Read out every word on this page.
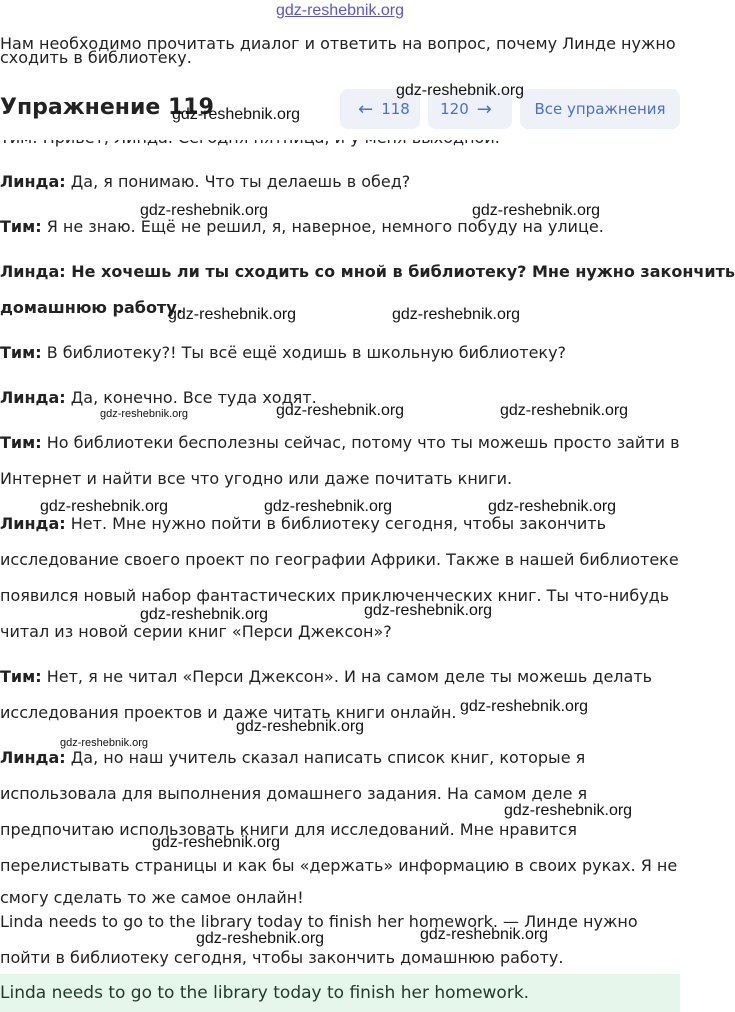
gdz-reshebnik.org
Нам необходимо прочитать диалог и ответить на вопрос, почему Линде нужно
сходить в библиотеку.
Упражнение 119	← 118 120 →	Все упражнения
Линда: Да, я понимаю. Что ты делаешь в обед?
Тим: Я не знаю. Ещё не решил, я, наверное, немного побуду на улице.
Линда: Не хочешь ли ты сходить со мной в библиотеку? Мне нужно закончить
домашнюю работу.
Тим: В библиотеку?! Ты всё ещё ходишь в школьную библиотеку?
Линда: Да, конечно. Все туда ходят.
Тим: Но библиотеки бесполезны сейчас, потому что ты можешь просто зайти в
Интернет и найти все что угодно или даже почитать книги.
Линда: Нет. Мне нужно пойти в библиотеку сегодня, чтобы закончить
исследование своего проект по географии Африки. Также в нашей библиотеке
появился новый набор фантастических приключенческих книг. Ты что-нибудь
читал из новой серии книг «Перси Джексон»?
Тим: Нет, я не читал «Перси Джексон». И на самом деле ты можешь делать
исследования проектов и даже читать книги онлайн.
Линда: Да, но наш учитель сказал написать список книг, которые я
использовала для выполнения домашнего задания. На самом деле я
предпочитаю использовать книги для исследований. Мне нравится
перелистывать страницы и как бы «держать» информацию в своих руках. Я не
смогу сделать то же самое онлайн!
Linda needs to go to the library today to finish her homework. — Линде нужно
пойти в библиотеку сегодня, чтобы закончить домашнюю работу.
Linda needs to go to the library today to finish her homework.
gdz-reshebnik.org
gdz-reshebnik.org
gdz-reshebnik.org	gdz-reshebnik.org
gdz-reshebnik.org	gdz-reshebnik.org
gdz-reshebnik.org	gdz-reshebnik.org	gdz-reshebnik.org
gdz-reshebnik.org	gdz-reshebnik.org	gdz-reshebnik.org
gdz-reshebnik.org	gdz-reshebnik.org
gdz-reshebnik.org
gdz-reshebnik.org
gdz-reshebnik.org
gdz-reshebnik.org
gdz-reshebnik.org
gdz-reshebnik.org	gdz-reshebnik.org
